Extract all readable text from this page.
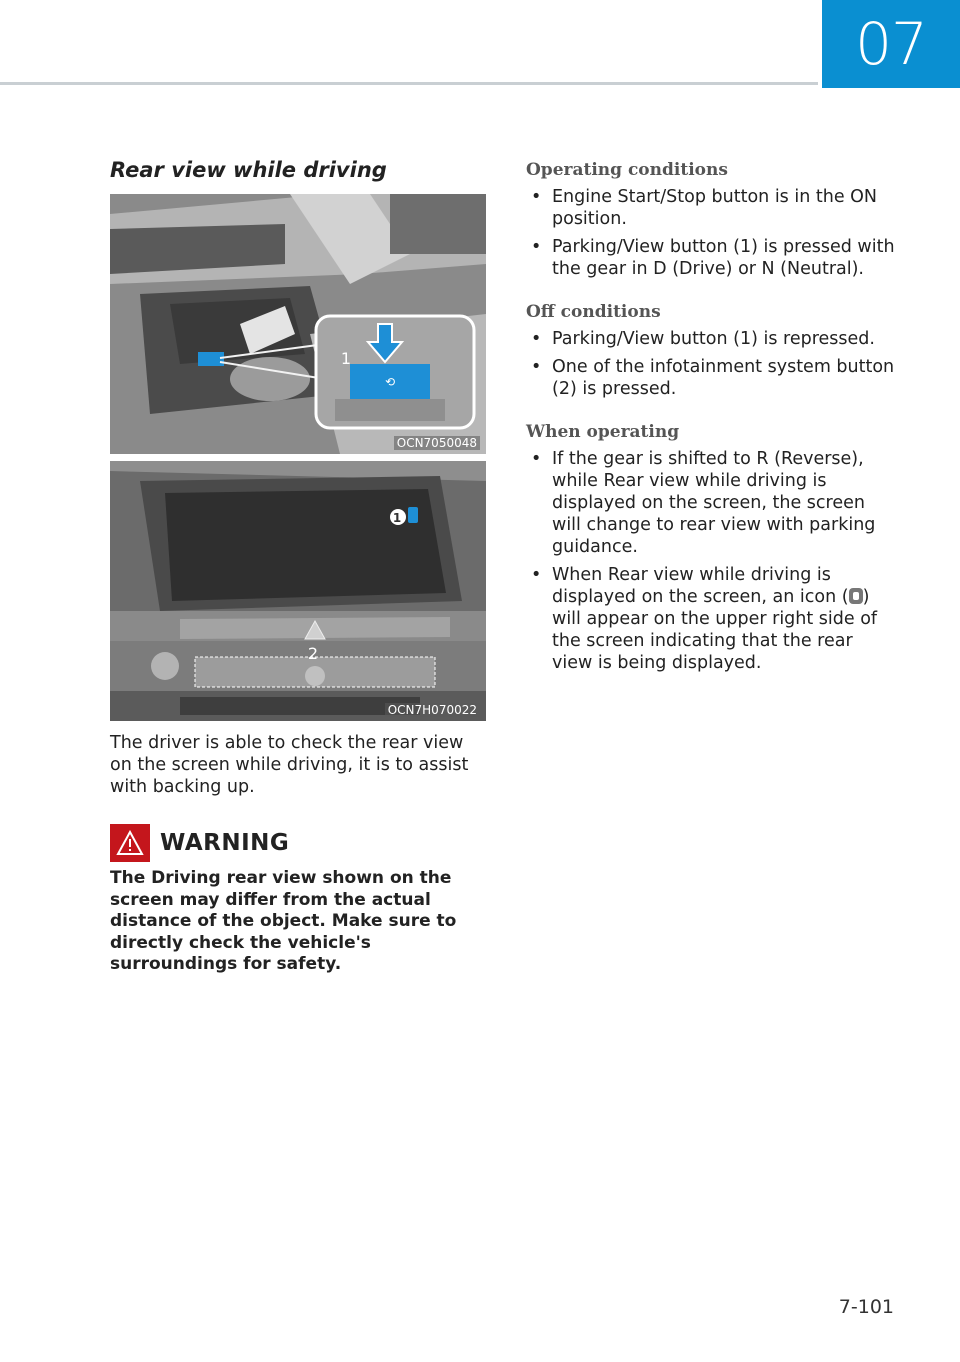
07
Rear view while driving
⟲
1
OCN7050048
1
2
OCN7H070022
The driver is able to check the rear view on the screen while driving, it is to assist with backing up.
WARNING
The Driving rear view shown on the screen may differ from the actual distance of the object. Make sure to directly check the vehicle's surroundings for safety.
Operating conditions
• Engine Start/Stop button is in the ON position.
• Parking/View button (1) is pressed with the gear in D (Drive) or N (Neutral).
Off conditions
• Parking/View button (1) is repressed.
• One of the infotainment system button (2) is pressed.
When operating
• If the gear is shifted to R (Reverse), while Rear view while driving is displayed on the screen, the screen will change to rear view with parking guidance.
• When Rear view while driving is displayed on the screen, an icon ( ) will appear on the upper right side of the screen indicating that the rear view is being displayed.
7-101
